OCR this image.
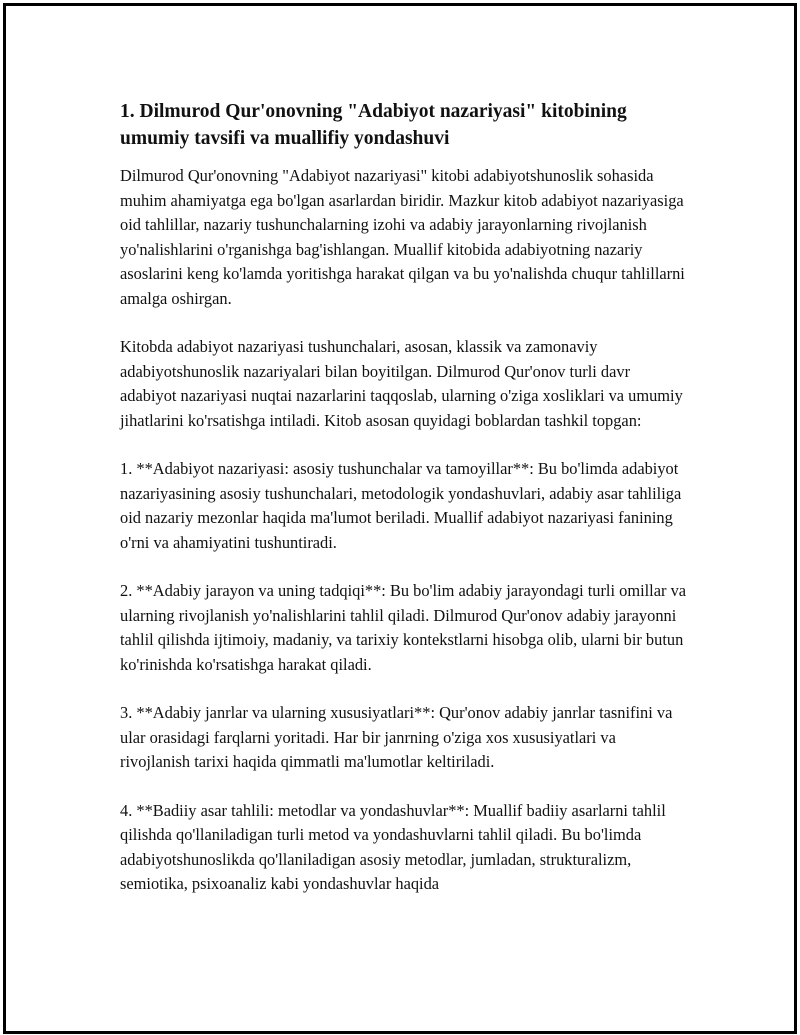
1. Dilmurod Qur'onovning "Adabiyot nazariyasi" kitobining umumiy tavsifi va muallifiy yondashuvi

Dilmurod Qur'onovning "Adabiyot nazariyasi" kitobi adabiyotshunoslik sohasida muhim ahamiyatga ega bo'lgan asarlardan biridir. Mazkur kitob adabiyot nazariyasiga oid tahlillar, nazariy tushunchalarning izohi va adabiy jarayonlarning rivojlanish yo'nalishlarini o'rganishga bag'ishlangan. Muallif kitobida adabiyotning nazariy asoslarini keng ko'lamda yoritishga harakat qilgan va bu yo'nalishda chuqur tahlillarni amalga oshirgan.

Kitobda adabiyot nazariyasi tushunchalari, asosan, klassik va zamonaviy adabiyotshunoslik nazariyalari bilan boyitilgan. Dilmurod Qur'onov turli davr adabiyot nazariyasi nuqtai nazarlarini taqqoslab, ularning o'ziga xosliklari va umumiy jihatlarini ko'rsatishga intiladi. Kitob asosan quyidagi boblardan tashkil topgan:

1. **Adabiyot nazariyasi: asosiy tushunchalar va tamoyillar**: Bu bo'limda adabiyot nazariyasining asosiy tushunchalari, metodologik yondashuvlari, adabiy asar tahliliga oid nazariy mezonlar haqida ma'lumot beriladi. Muallif adabiyot nazariyasi fanining o'rni va ahamiyatini tushuntiradi.

2. **Adabiy jarayon va uning tadqiqi**: Bu bo'lim adabiy jarayondagi turli omillar va ularning rivojlanish yo'nalishlarini tahlil qiladi. Dilmurod Qur'onov adabiy jarayonni tahlil qilishda ijtimoiy, madaniy, va tarixiy kontekstlarni hisobga olib, ularni bir butun ko'rinishda ko'rsatishga harakat qiladi.

3. **Adabiy janrlar va ularning xususiyatlari**: Qur'onov adabiy janrlar tasnifini va ular orasidagi farqlarni yoritadi. Har bir janrning o'ziga xos xususiyatlari va rivojlanish tarixi haqida qimmatli ma'lumotlar keltiriladi.

4. **Badiiy asar tahlili: metodlar va yondashuvlar**: Muallif badiiy asarlarni tahlil qilishda qo'llaniladigan turli metod va yondashuvlarni tahlil qiladi. Bu bo'limda adabiyotshunoslikda qo'llaniladigan asosiy metodlar, jumladan, strukturalizm, semiotika, psixoanaliz kabi yondashuvlar haqida
